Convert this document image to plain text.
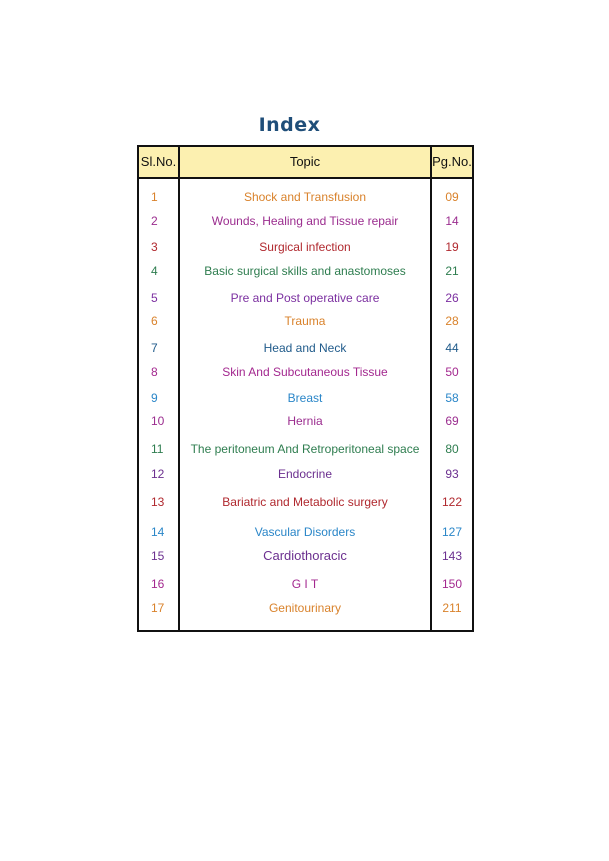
Index
Sl.No.	Topic	Pg.No.
1	Shock and Transfusion	09
2	Wounds, Healing and Tissue repair	14
3	Surgical infection	19
4	Basic surgical skills and anastomoses	21
5	Pre and Post operative care	26
6	Trauma	28
7	Head and Neck	44
8	Skin And Subcutaneous Tissue	50
9	Breast	58
10	Hernia	69
11	The peritoneum And Retroperitoneal space	80
12	Endocrine	93
13	Bariatric and Metabolic surgery	122
14	Vascular Disorders	127
15	Cardiothoracic	143
16	G I T	150
17	Genitourinary	211
